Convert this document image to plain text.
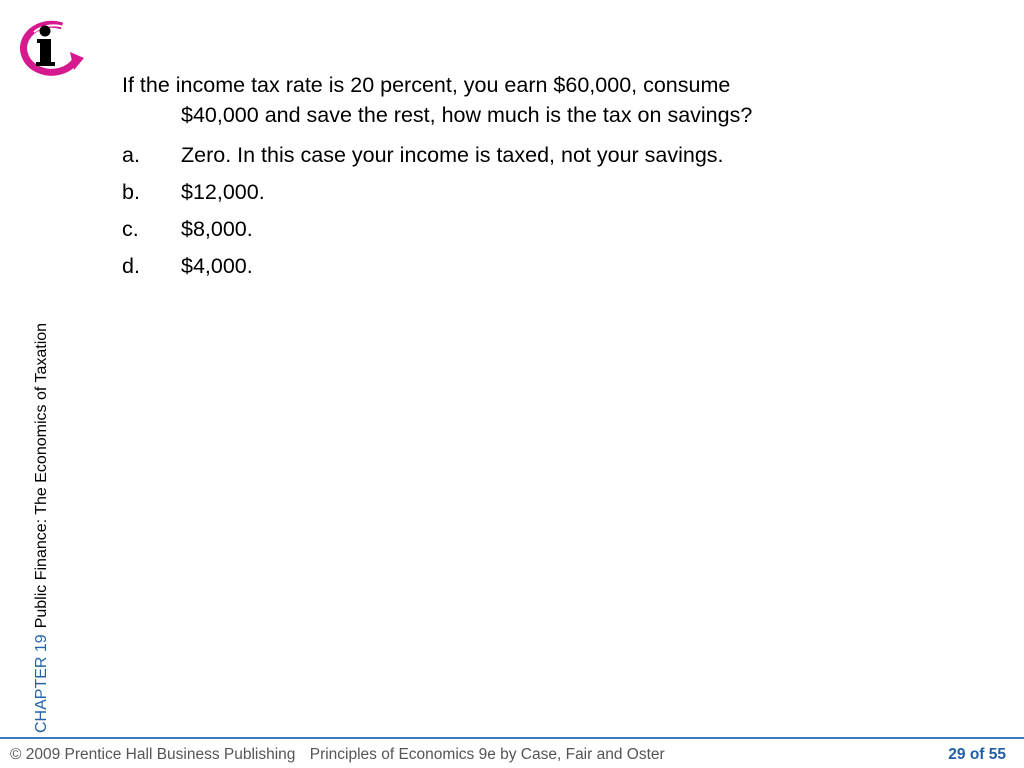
If the income tax rate is 20 percent, you earn $60,000, consume
$40,000 and save the rest, how much is the tax on savings?

a.	Zero. In this case your income is taxed, not your savings.
b.	$12,000.
c.	$8,000.
d.	$4,000.
CHAPTER 19Public Finance: The Economics of Taxation
© 2009 Prentice Hall Business Publishing Principles of Economics 9e by Case, Fair and Oster	29 of 55
